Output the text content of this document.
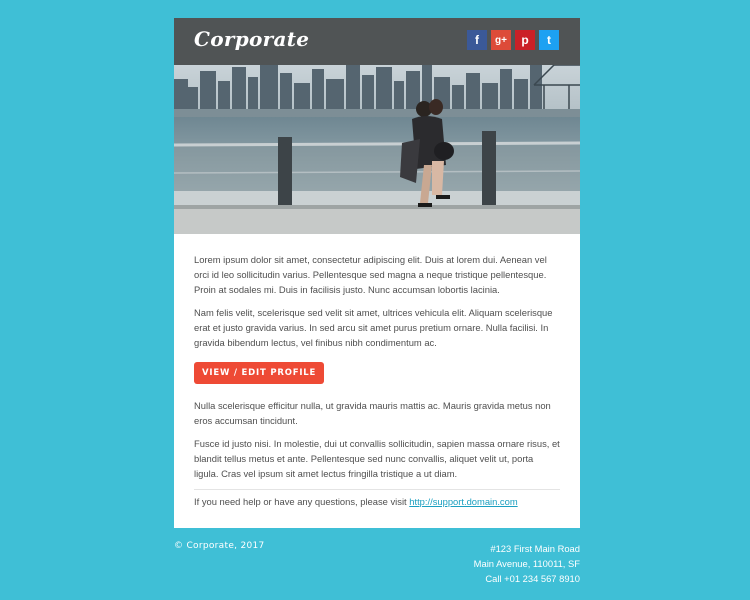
Corporate	f g+ p t

Lorem ipsum dolor sit amet, consectetur adipiscing elit. Duis at lorem dui. Aenean vel orci id leo sollicitudin varius. Pellentesque sed magna a neque tristique pellentesque. Proin at sodales mi. Duis in facilisis justo. Nunc accumsan lobortis lacinia.

Nam felis velit, scelerisque sed velit sit amet, ultrices vehicula elit. Aliquam scelerisque erat et justo gravida varius. In sed arcu sit amet purus pretium ornare. Nulla facilisi. In gravida bibendum lectus, vel finibus nibh condimentum ac.

VIEW / EDIT PROFILE

Nulla scelerisque efficitur nulla, ut gravida mauris mattis ac. Mauris gravida metus non eros accumsan tincidunt.

Fusce id justo nisi. In molestie, dui ut convallis sollicitudin, sapien massa ornare risus, et blandit tellus metus et ante. Pellentesque sed nunc convallis, aliquet velit ut, porta ligula. Cras vel ipsum sit amet lectus fringilla tristique a ut diam.

If you need help or have any questions, please visit http://support.domain.com
© Corporate, 2017	#123 First Main Road
Main Avenue, 110011, SF
Call +01 234 567 8910
